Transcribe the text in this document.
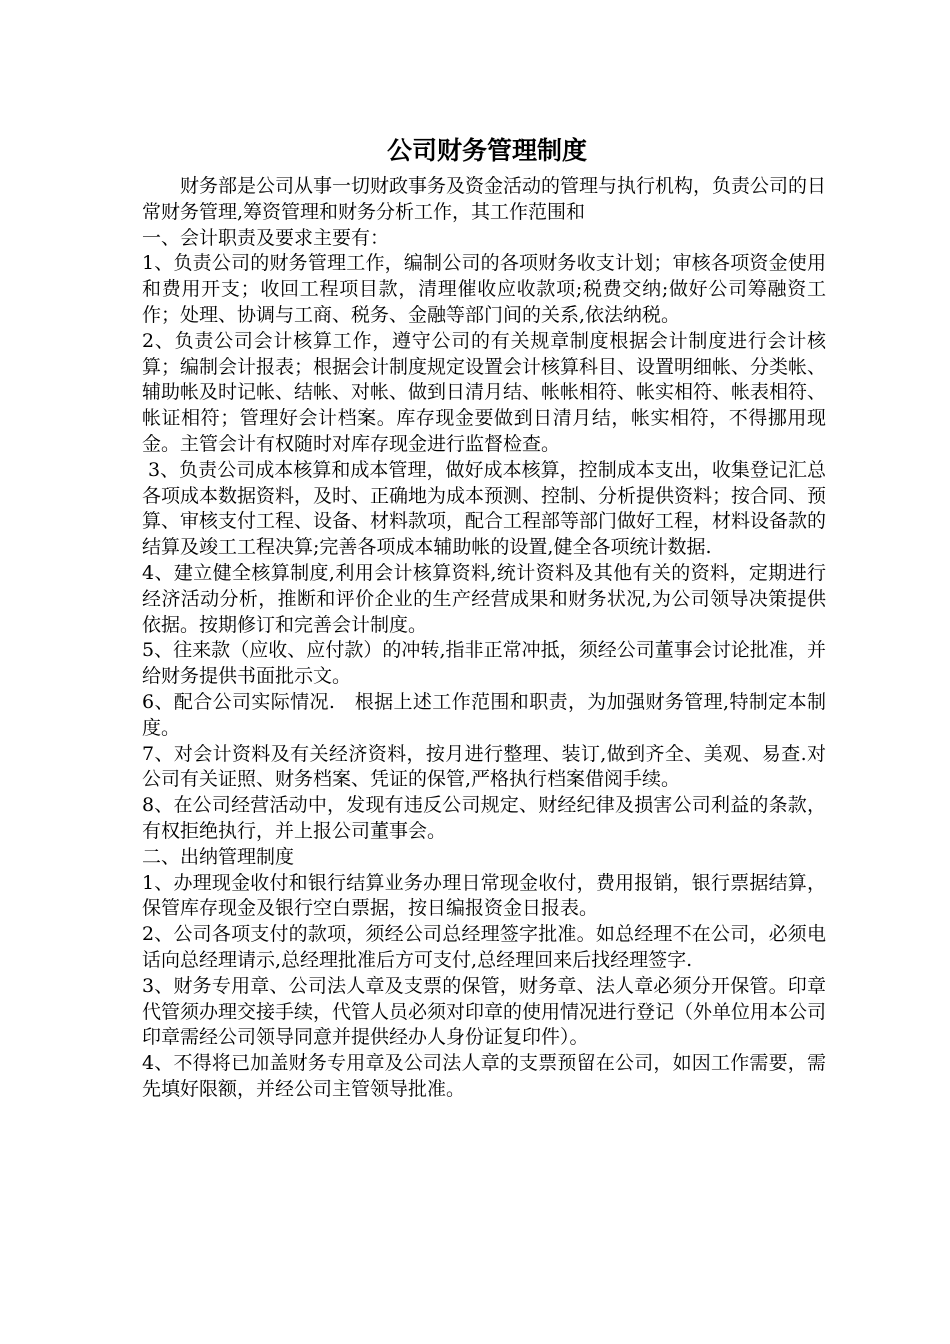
公司财务管理制度

财务部是公司从事一切财政事务及资金活动的管理与执行机构，负责公司的日常财务管理,筹资管理和财务分析工作，其工作范围和

一、会计职责及要求主要有：

1、负责公司的财务管理工作，编制公司的各项财务收支计划；审核各项资金使用和费用开支；收回工程项目款，清理催收应收款项;税费交纳;做好公司筹融资工作；处理、协调与工商、税务、金融等部门间的关系,依法纳税。

2、负责公司会计核算工作，遵守公司的有关规章制度根据会计制度进行会计核算；编制会计报表；根据会计制度规定设置会计核算科目、设置明细帐、分类帐、辅助帐及时记帐、结帐、对帐、做到日清月结、帐帐相符、帐实相符、帐表相符、帐证相符；管理好会计档案。库存现金要做到日清月结，帐实相符，不得挪用现金。主管会计有权随时对库存现金进行监督检查。

3、负责公司成本核算和成本管理，做好成本核算，控制成本支出，收集登记汇总各项成本数据资料，及时、正确地为成本预测、控制、分析提供资料；按合同、预算、审核支付工程、设备、材料款项，配合工程部等部门做好工程，材料设备款的结算及竣工工程决算;完善各项成本辅助帐的设置,健全各项统计数据.

4、建立健全核算制度,利用会计核算资料,统计资料及其他有关的资料，定期进行经济活动分析，推断和评价企业的生产经营成果和财务状况,为公司领导决策提供依据。按期修订和完善会计制度。

5、往来款（应收、应付款）的冲转,指非正常冲抵，须经公司董事会讨论批准，并给财务提供书面批示文。

6、配合公司实际情况.　根据上述工作范围和职责，为加强财务管理,特制定本制度。

7、对会计资料及有关经济资料，按月进行整理、装订,做到齐全、美观、易查.对公司有关证照、财务档案、凭证的保管,严格执行档案借阅手续。

8、在公司经营活动中，发现有违反公司规定、财经纪律及损害公司利益的条款，有权拒绝执行，并上报公司董事会。

二、出纳管理制度

1、办理现金收付和银行结算业务办理日常现金收付，费用报销，银行票据结算，保管库存现金及银行空白票据，按日编报资金日报表。

2、公司各项支付的款项，须经公司总经理签字批准。如总经理不在公司，必须电话向总经理请示,总经理批准后方可支付,总经理回来后找经理签字.

3、财务专用章、公司法人章及支票的保管，财务章、法人章必须分开保管。印章代管须办理交接手续，代管人员必须对印章的使用情况进行登记（外单位用本公司印章需经公司领导同意并提供经办人身份证复印件）。

4、不得将已加盖财务专用章及公司法人章的支票预留在公司，如因工作需要，需先填好限额，并经公司主管领导批准。
